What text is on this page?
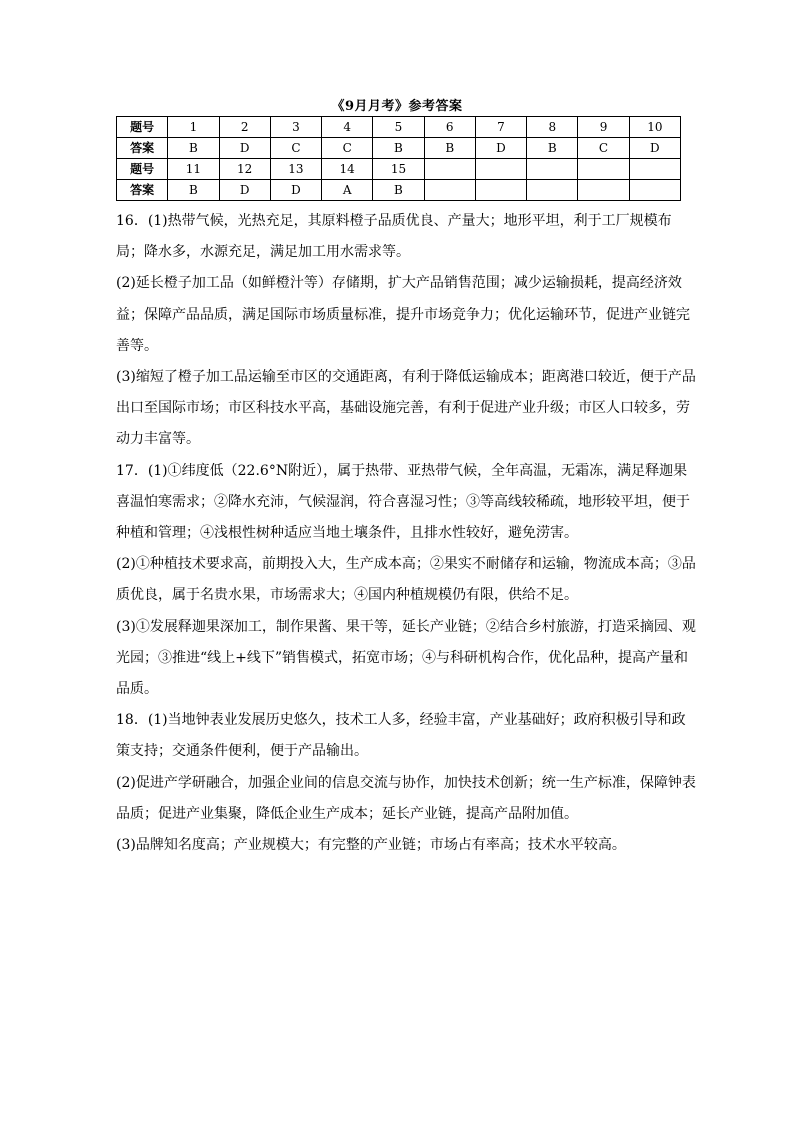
《9月月考》参考答案
题号	1	2	3	4	5	6	7	8	9	10
答案	B	D	C	C	B	B	D	B	C	D
题号	11	12	13	14	15					
答案	B	D	D	A	B					

16．(1)热带气候，光热充足，其原料橙子品质优良、产量大；地形平坦，利于工厂规模布局；降水多，水源充足，满足加工用水需求等。

(2)延长橙子加工品（如鲜橙汁等）存储期，扩大产品销售范围；减少运输损耗，提高经济效益；保障产品品质，满足国际市场质量标准，提升市场竞争力；优化运输环节，促进产业链完善等。

(3)缩短了橙子加工品运输至市区的交通距离，有利于降低运输成本；距离港口较近，便于产品出口至国际市场；市区科技水平高，基础设施完善，有利于促进产业升级；市区人口较多，劳动力丰富等。

17．(1)①纬度低（22.6°N附近），属于热带、亚热带气候，全年高温，无霜冻，满足释迦果喜温怕寒需求；②降水充沛，气候湿润，符合喜湿习性；③等高线较稀疏，地形较平坦，便于种植和管理；④浅根性树种适应当地土壤条件，且排水性较好，避免涝害。

(2)①种植技术要求高，前期投入大，生产成本高；②果实不耐储存和运输，物流成本高；③品质优良，属于名贵水果，市场需求大；④国内种植规模仍有限，供给不足。

(3)①发展释迦果深加工，制作果酱、果干等，延长产业链；②结合乡村旅游，打造采摘园、观光园；③推进“线上+线下”销售模式，拓宽市场；④与科研机构合作，优化品种，提高产量和品质。

18．(1)当地钟表业发展历史悠久，技术工人多，经验丰富，产业基础好；政府积极引导和政策支持；交通条件便利，便于产品输出。

(2)促进产学研融合，加强企业间的信息交流与协作，加快技术创新；统一生产标准，保障钟表品质；促进产业集聚，降低企业生产成本；延长产业链，提高产品附加值。

(3)品牌知名度高；产业规模大；有完整的产业链；市场占有率高；技术水平较高。
